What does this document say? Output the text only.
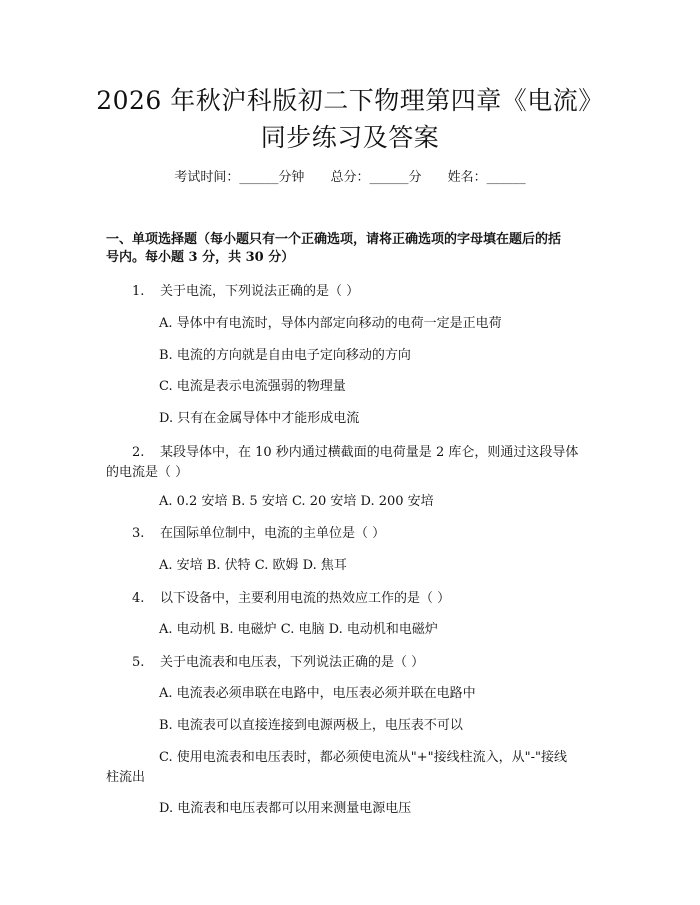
2026 年秋沪科版初二下物理第四章《电流》
同步练习及答案
考试时间：______分钟 总分：______分 姓名：______
一、单项选择题（每小题只有一个正确选项，请将正确选项的字母填在题后的括
号内。每小题 3 分，共 30 分）
1. 关于电流，下列说法正确的是（ ）
A. 导体中有电流时，导体内部定向移动的电荷一定是正电荷
B. 电流的方向就是自由电子定向移动的方向
C. 电流是表示电流强弱的物理量
D. 只有在金属导体中才能形成电流
2. 某段导体中，在 10 秒内通过横截面的电荷量是 2 库仑，则通过这段导体
的电流是（ ）
A. 0.2 安培 B. 5 安培 C. 20 安培 D. 200 安培
3. 在国际单位制中，电流的主单位是（ ）
A. 安培 B. 伏特 C. 欧姆 D. 焦耳
4. 以下设备中，主要利用电流的热效应工作的是（ ）
A. 电动机 B. 电磁炉 C. 电脑 D. 电动机和电磁炉
5. 关于电流表和电压表，下列说法正确的是（ ）
A. 电流表必须串联在电路中，电压表必须并联在电路中
B. 电流表可以直接连接到电源两极上，电压表不可以
C. 使用电流表和电压表时，都必须使电流从"+"接线柱流入，从"-"接线
柱流出
D. 电流表和电压表都可以用来测量电源电压
